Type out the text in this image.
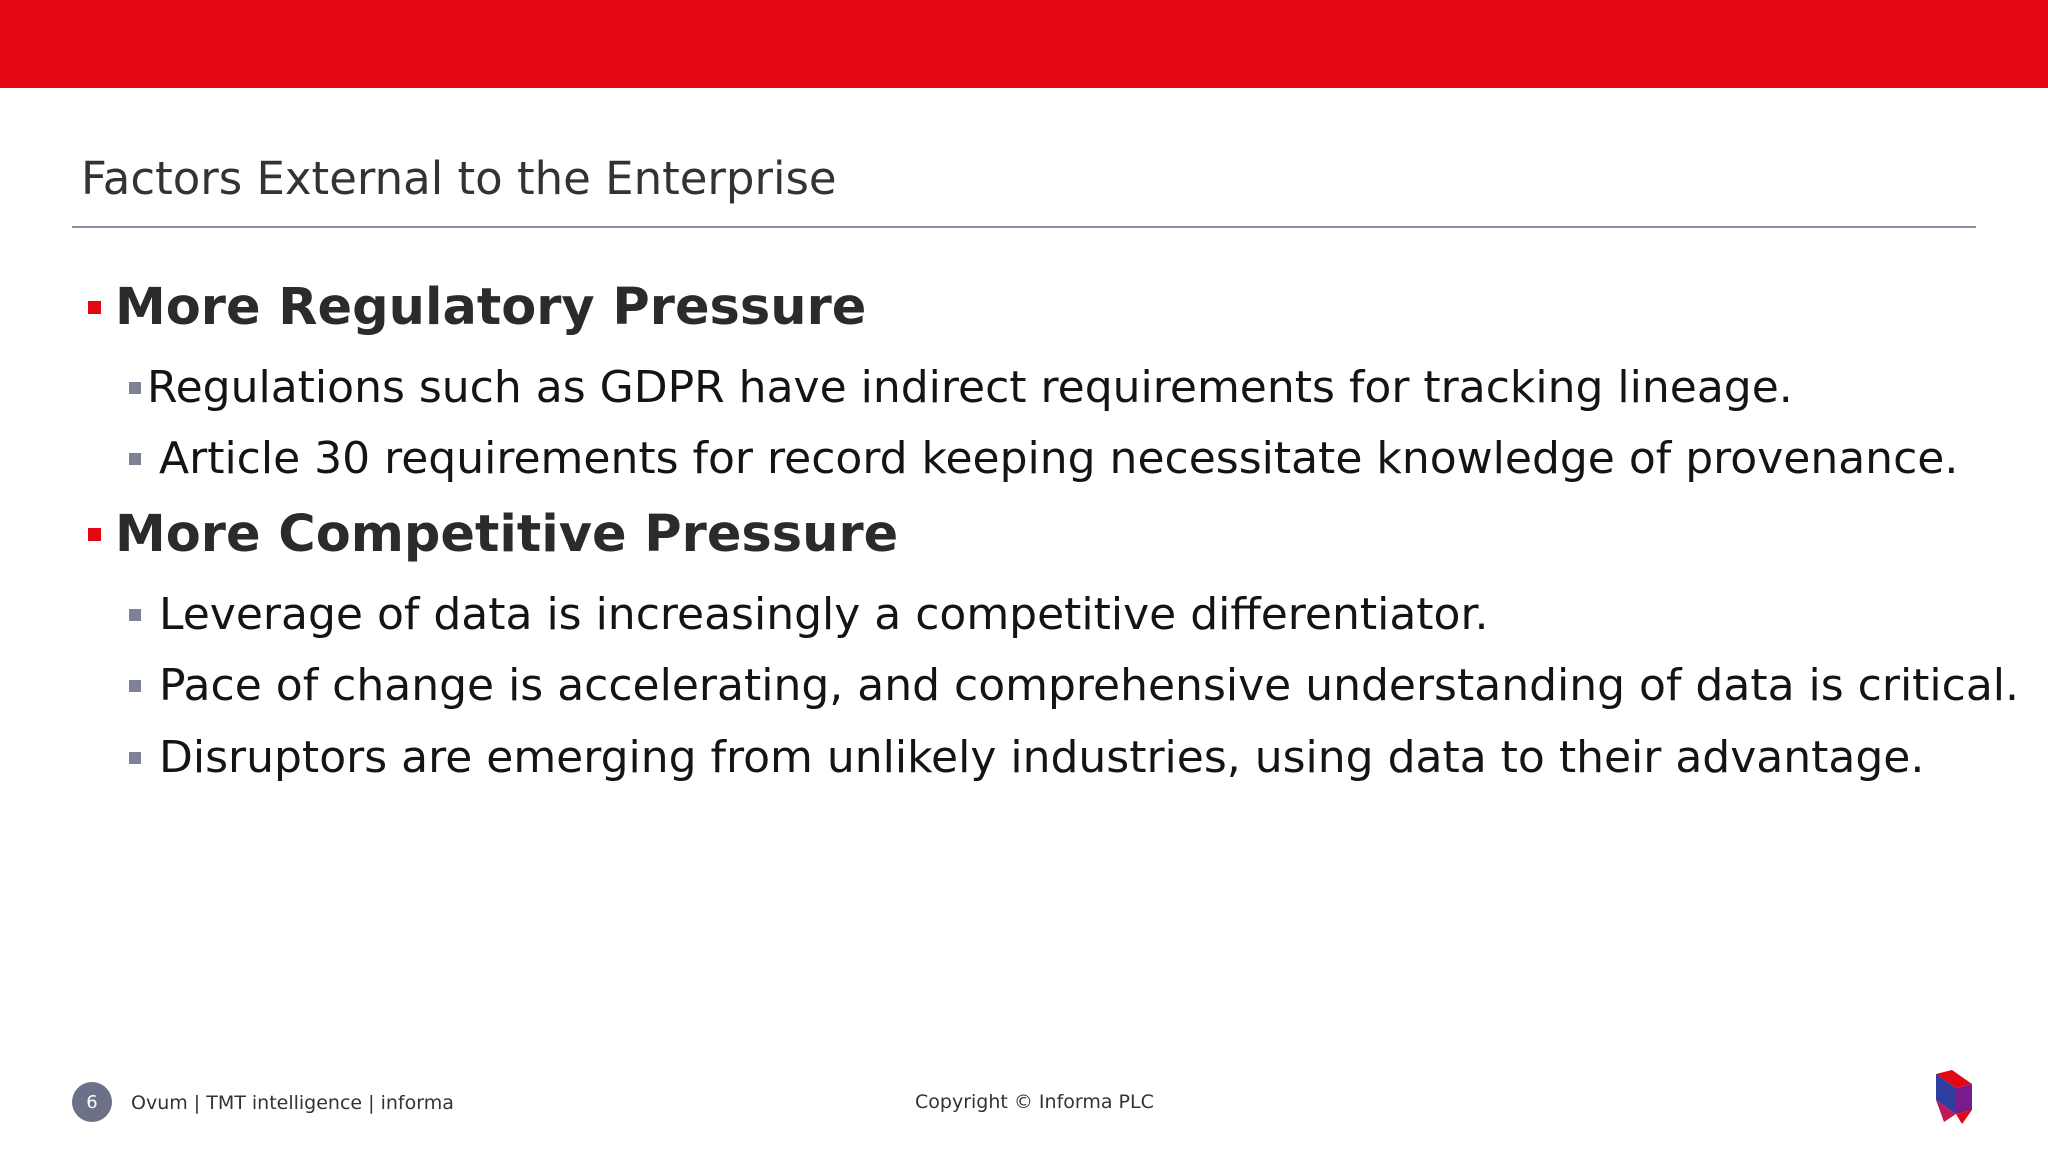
Factors External to the Enterprise
More Regulatory Pressure
Regulations such as GDPR have indirect requirements for tracking lineage.
Article 30 requirements for record keeping necessitate knowledge of provenance.
More Competitive Pressure
Leverage of data is increasingly a competitive differentiator.
Pace of change is accelerating, and comprehensive understanding of data is critical.
Disruptors are emerging from unlikely industries, using data to their advantage.
6	Ovum | TMT intelligence | informa	Copyright © Informa PLC
